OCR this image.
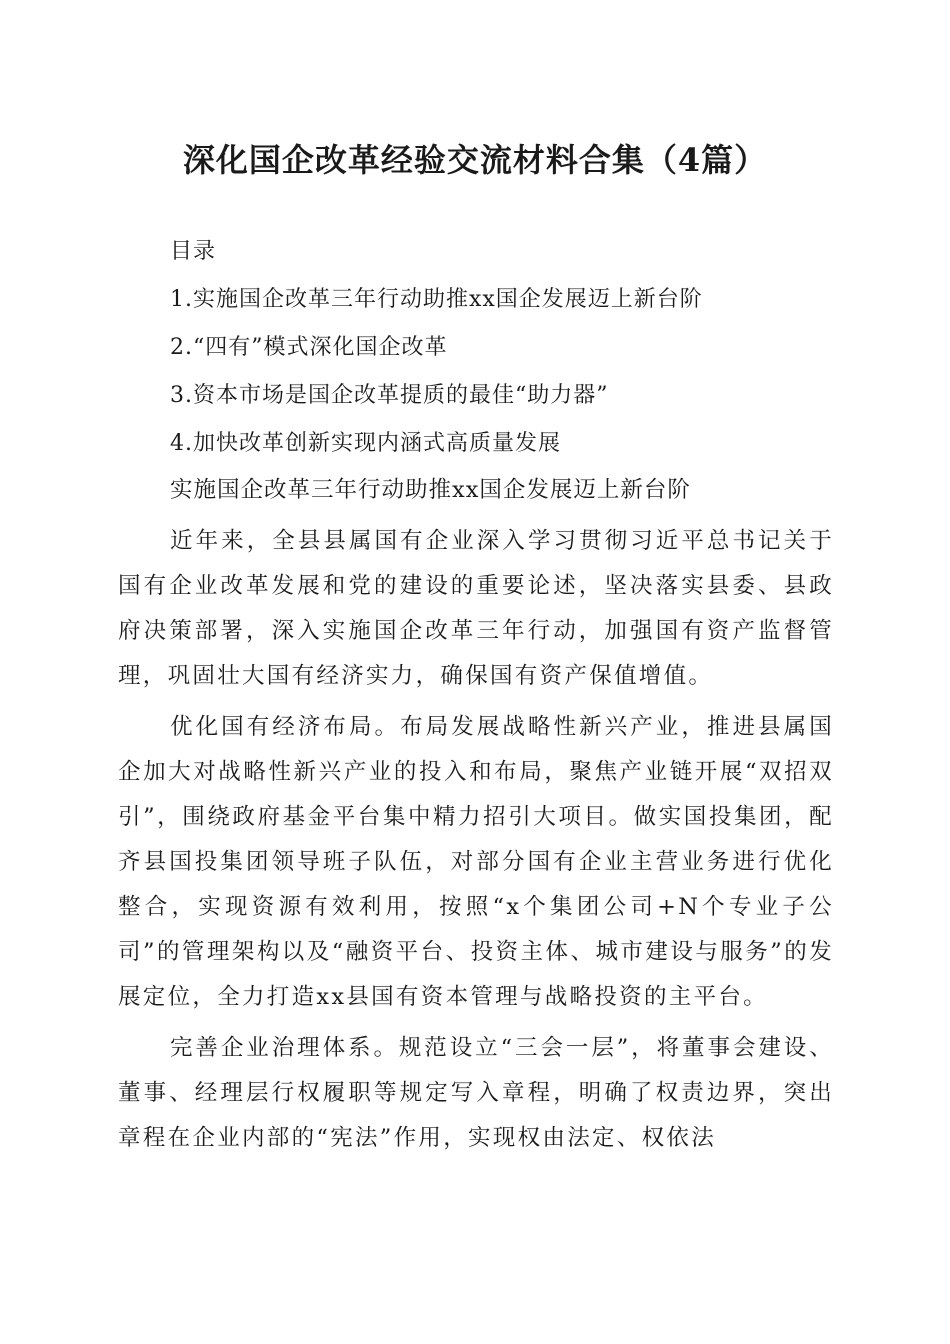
深化国企改革经验交流材料合集（4篇）
目录
1.实施国企改革三年行动助推xx国企发展迈上新台阶
2.“四有”模式深化国企改革
3.资本市场是国企改革提质的最佳“助力器”
4.加快改革创新实现内涵式高质量发展

实施国企改革三年行动助推xx国企发展迈上新台阶

近年来，全县县属国有企业深入学习贯彻习近平总书记关于国有企业改革发展和党的建设的重要论述，坚决落实县委、县政府决策部署，深入实施国企改革三年行动，加强国有资产监督管理，巩固壮大国有经济实力，确保国有资产保值增值。

优化国有经济布局。布局发展战略性新兴产业，推进县属国企加大对战略性新兴产业的投入和布局，聚焦产业链开展“双招双引”，围绕政府基金平台集中精力招引大项目。做实国投集团，配齐县国投集团领导班子队伍，对部分国有企业主营业务进行优化整合，实现资源有效利用，按照“x个集团公司+N个专业子公司”的管理架构以及“融资平台、投资主体、城市建设与服务”的发展定位，全力打造xx县国有资本管理与战略投资的主平台。

完善企业治理体系。规范设立“三会一层”，将董事会建设、董事、经理层行权履职等规定写入章程，明确了权责边界，突出章程在企业内部的“宪法”作用，实现权由法定、权依法
